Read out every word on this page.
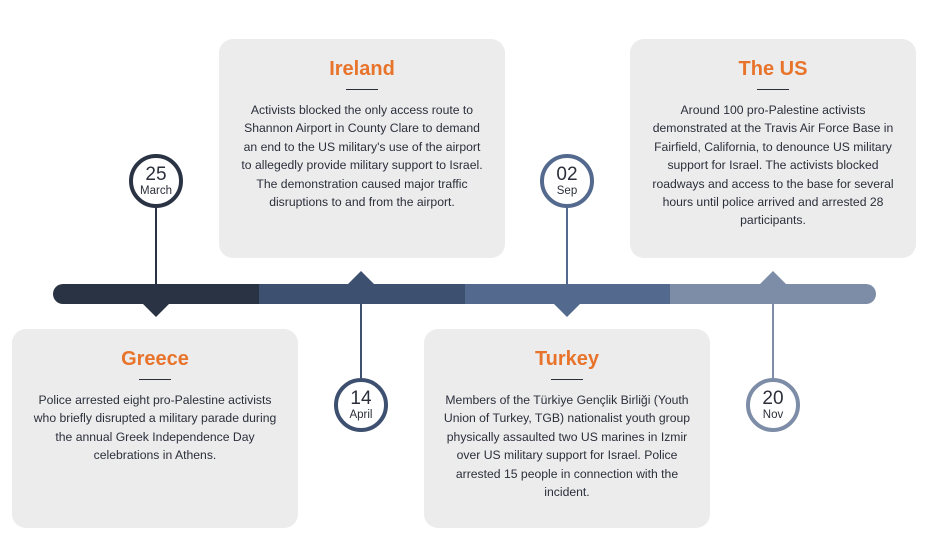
Ireland
Activists blocked the only access route to Shannon Airport in County Clare to demand an end to the US military's use of the airport to allegedly provide military support to Israel. The demonstration caused major traffic disruptions to and from the airport.
The US
Around 100 pro-Palestine activists demonstrated at the Travis Air Force Base in Fairfield, California, to denounce US military support for Israel. The activists blocked roadways and access to the base for several hours until police arrived and arrested 28 participants.
Greece
Police arrested eight pro-Palestine activists who briefly disrupted a military parade during the annual Greek Independence Day celebrations in Athens.
Turkey
Members of the Türkiye Gençlik Birliği (Youth Union of Turkey, TGB) nationalist youth group physically assaulted two US marines in Izmir over US military support for Israel. Police arrested 15 people in connection with the incident.
25
March
14
April
02
Sep
20
Nov
